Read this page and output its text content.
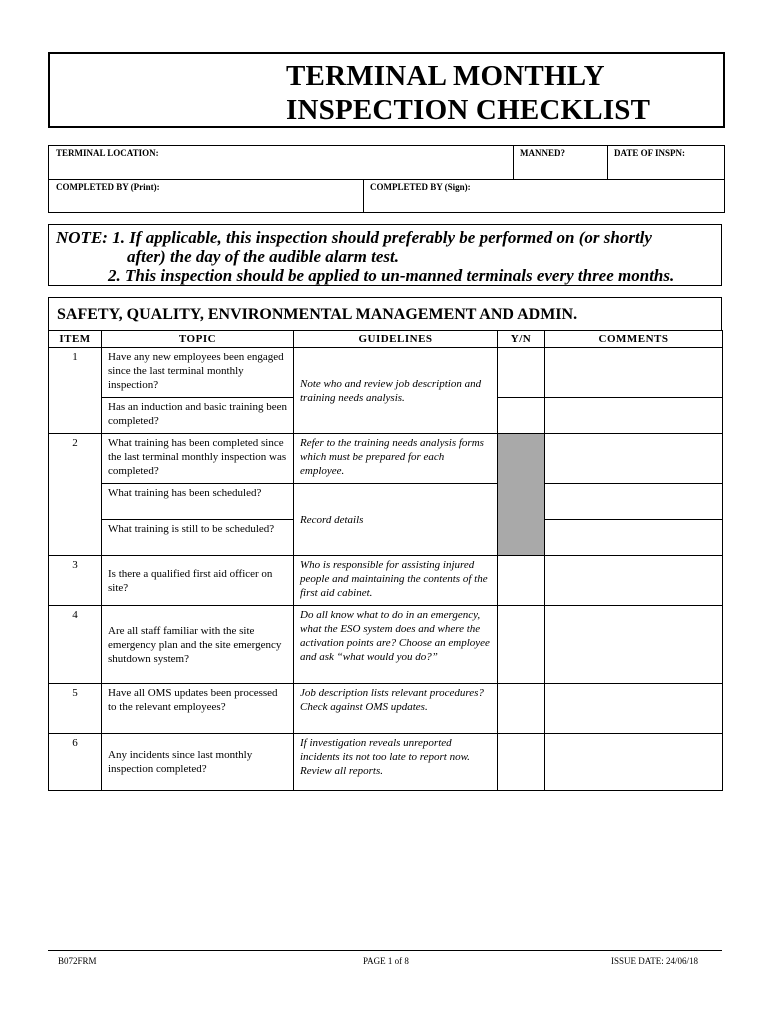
TERMINAL MONTHLY
INSPECTION CHECKLIST
TERMINAL LOCATION:	MANNED?	DATE OF INSPN:
COMPLETED BY (Print):	COMPLETED BY (Sign):
NOTE: 1. If applicable, this inspection should preferably be performed on (or shortly
after) the day of the audible alarm test.
2. This inspection should be applied to un-manned terminals every three months.
SAFETY, QUALITY, ENVIRONMENTAL MANAGEMENT AND ADMIN.
ITEM	TOPIC	GUIDELINES	Y/N	COMMENTS
1	Have any new employees been engaged since the last terminal monthly inspection?	Note who and review job description and training needs analysis.		
	Has an induction and basic training been completed?			
2	What training has been completed since the last terminal monthly inspection was completed?	Refer to the training needs analysis forms which must be prepared for each employee.		
	What training has been scheduled?	Record details		
	What training is still to be scheduled?			
3	Is there a qualified first aid officer on site?	Who is responsible for assisting injured people and maintaining the contents of the first aid cabinet.		
4	Are all staff familiar with the site emergency plan and the site emergency shutdown system?	Do all know what to do in an emergency, what the ESO system does and where the activation points are? Choose an employee and ask “what would you do?”		
5	Have all OMS updates been processed to the relevant employees?	Job description lists relevant procedures? Check against OMS updates.		
6	Any incidents since last monthly inspection completed?	If investigation reveals unreported incidents its not too late to report now. Review all reports.		
B072FRM	PAGE 1 of 8	ISSUE DATE: 24/06/18
